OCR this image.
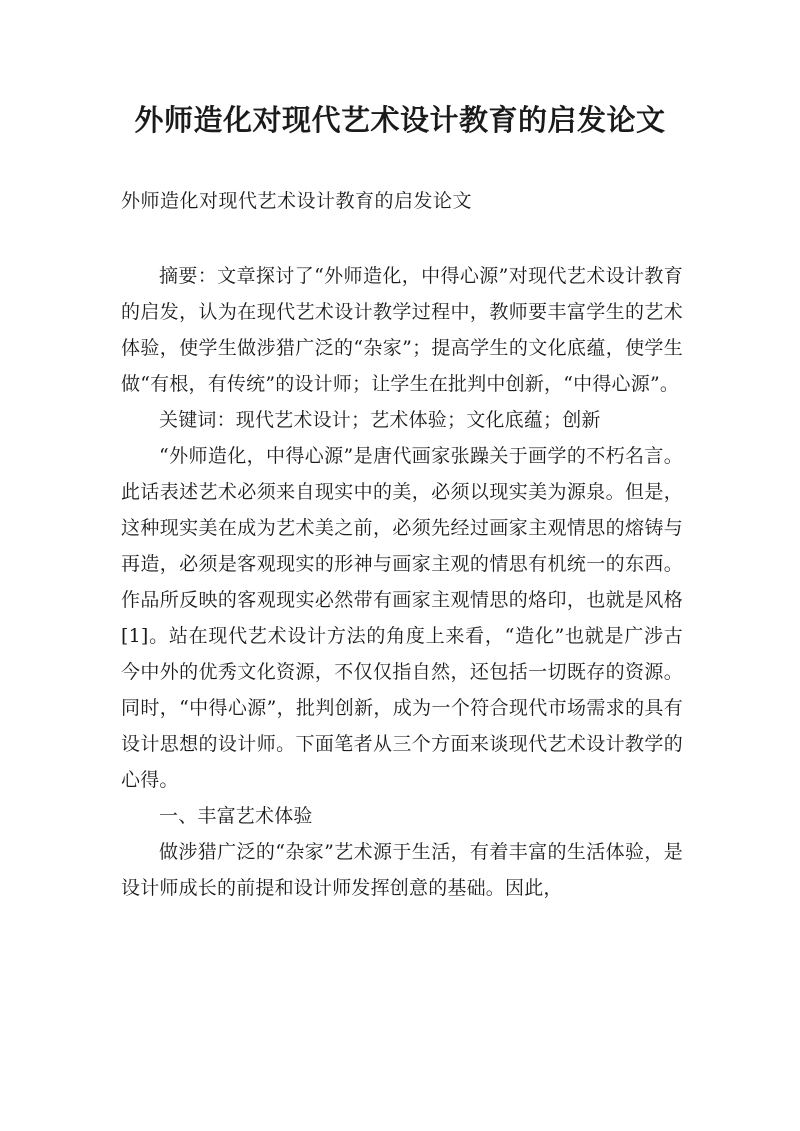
外师造化对现代艺术设计教育的启发论文

外师造化对现代艺术设计教育的启发论文

摘要：文章探讨了“外师造化，中得心源”对现代艺术设计教育的启发，认为在现代艺术设计教学过程中，教师要丰富学生的艺术体验，使学生做涉猎广泛的“杂家”；提高学生的文化底蕴，使学生做“有根，有传统”的设计师；让学生在批判中创新，“中得心源”。

关键词：现代艺术设计；艺术体验；文化底蕴；创新

“外师造化，中得心源”是唐代画家张躁关于画学的不朽名言。此话表述艺术必须来自现实中的美，必须以现实美为源泉。但是，这种现实美在成为艺术美之前，必须先经过画家主观情思的熔铸与再造，必须是客观现实的形神与画家主观的情思有机统一的东西。作品所反映的客观现实必然带有画家主观情思的烙印，也就是风格[1]。站在现代艺术设计方法的角度上来看，“造化”也就是广涉古今中外的优秀文化资源，不仅仅指自然，还包括一切既存的资源。同时，“中得心源”，批判创新，成为一个符合现代市场需求的具有设计思想的设计师。下面笔者从三个方面来谈现代艺术设计教学的心得。

一、丰富艺术体验

做涉猎广泛的“杂家”艺术源于生活，有着丰富的生活体验，是设计师成长的前提和设计师发挥创意的基础。因此，
